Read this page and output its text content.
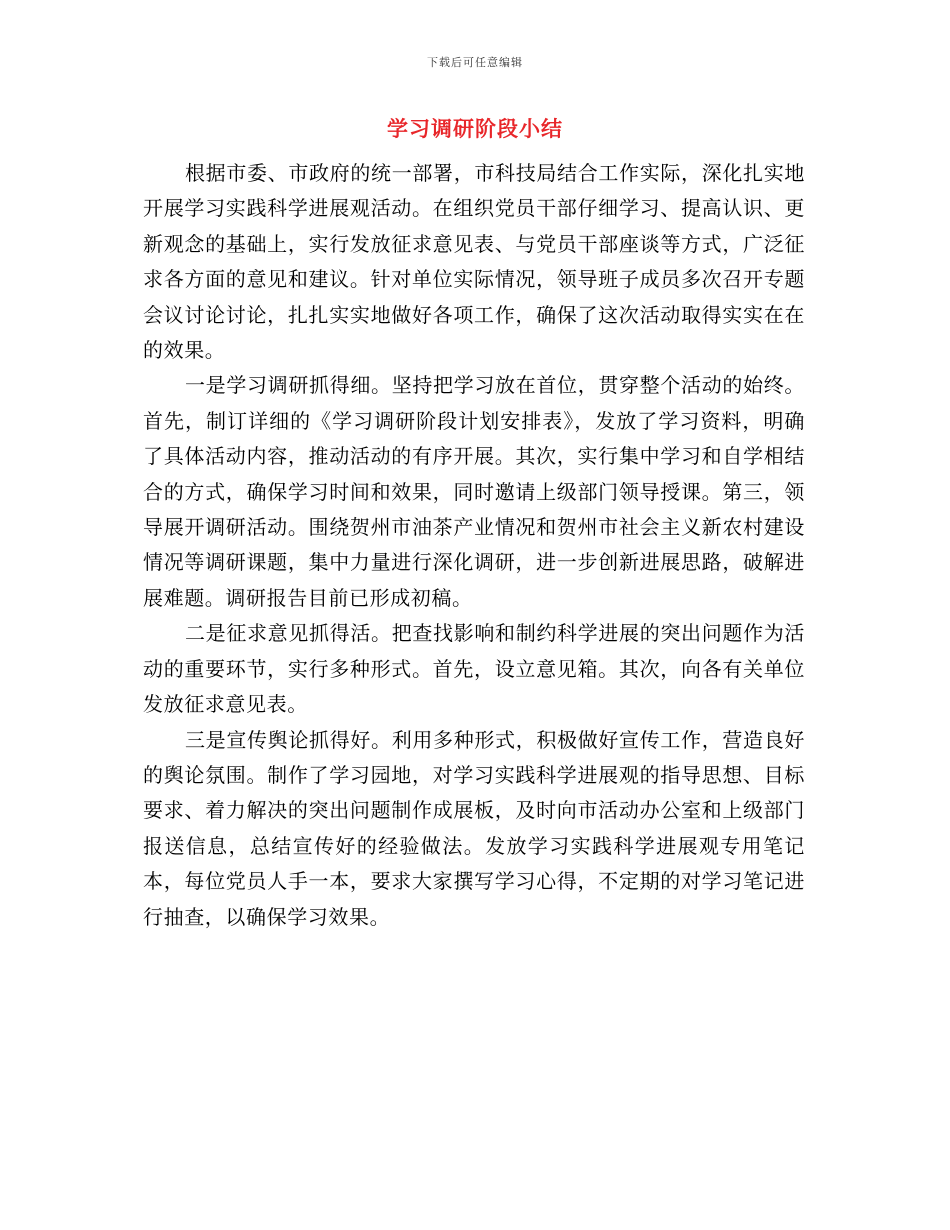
下载后可任意编辑
学习调研阶段小结

根据市委、市政府的统一部署，市科技局结合工作实际，深化扎实地开展学习实践科学进展观活动。在组织党员干部仔细学习、提高认识、更新观念的基础上，实行发放征求意见表、与党员干部座谈等方式，广泛征求各方面的意见和建议。针对单位实际情况，领导班子成员多次召开专题会议讨论讨论，扎扎实实地做好各项工作，确保了这次活动取得实实在在的效果。

一是学习调研抓得细。坚持把学习放在首位，贯穿整个活动的始终。首先，制订详细的《学习调研阶段计划安排表》，发放了学习资料，明确了具体活动内容，推动活动的有序开展。其次，实行集中学习和自学相结合的方式，确保学习时间和效果，同时邀请上级部门领导授课。第三，领导展开调研活动。围绕贺州市油茶产业情况和贺州市社会主义新农村建设情况等调研课题，集中力量进行深化调研，进一步创新进展思路，破解进展难题。调研报告目前已形成初稿。

二是征求意见抓得活。把查找影响和制约科学进展的突出问题作为活动的重要环节，实行多种形式。首先，设立意见箱。其次，向各有关单位发放征求意见表。

三是宣传舆论抓得好。利用多种形式，积极做好宣传工作，营造良好的舆论氛围。制作了学习园地，对学习实践科学进展观的指导思想、目标要求、着力解决的突出问题制作成展板，及时向市活动办公室和上级部门报送信息，总结宣传好的经验做法。发放学习实践科学进展观专用笔记本，每位党员人手一本，要求大家撰写学习心得，不定期的对学习笔记进行抽查，以确保学习效果。
